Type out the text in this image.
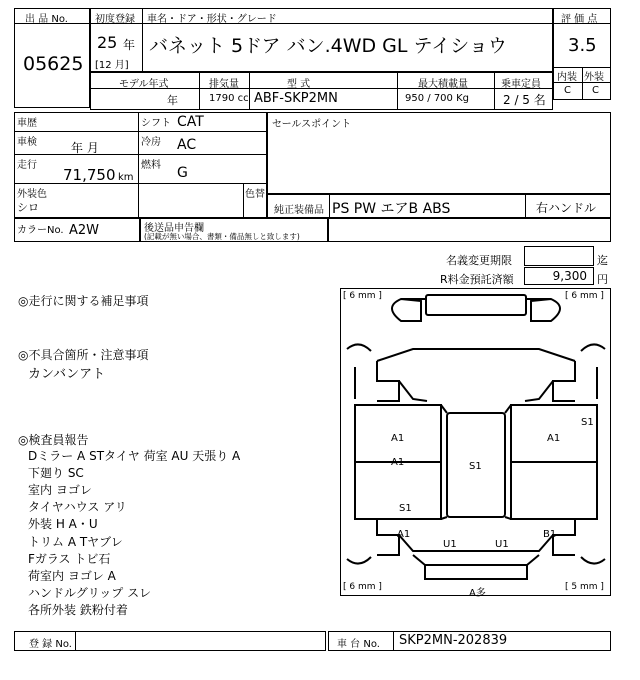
出 品 No.
05625
初度登録 車名・ドア・形状・グレード
25 年
[12 月]
バネット 5ドア バン.4WD GL テイショウ
評 価 点
3.5
内装 外装
C C
モデル年式	排気量	型 式	最大積載量	乗車定員
年	1790 cc ABF-SKP2MN	950 / 700 Kg	2 / 5 名
車歴	シフト CAT
車検	年 月	冷房 AC
走行
71,750 km
燃料 G
外装色
シロ
色替
セールスポイント
純正装備品 PS PW エアB ABS	右ハンドル
カラーNo. A2W	後送品申告欄
(記載が無い場合、書類・備品無しと致します)
名義変更期限	迄
R料金預託済額	9,300 円
◎走行に関する補足事項
◎不具合箇所・注意事項
カンバンアト
◎検査員報告
Dミラー A STタイヤ 荷室 AU 天張り A
下廻り SC
室内 ヨゴレ
タイヤハウス アリ
外装 H A・U
トリム A Tヤブレ
Fガラス トビ石
荷室内 ヨゴレ A
ハンドルグリップ スレ
各所外装 鉄粉付着
[ 6 mm ]	[ 6 mm ]
[ 6 mm ]	[ 5 mm ]
A1
A1
A1
S1
S1
S1
A1
U1	U1
B1
A多
登 録 No.	車 台 No. SKP2MN-202839
